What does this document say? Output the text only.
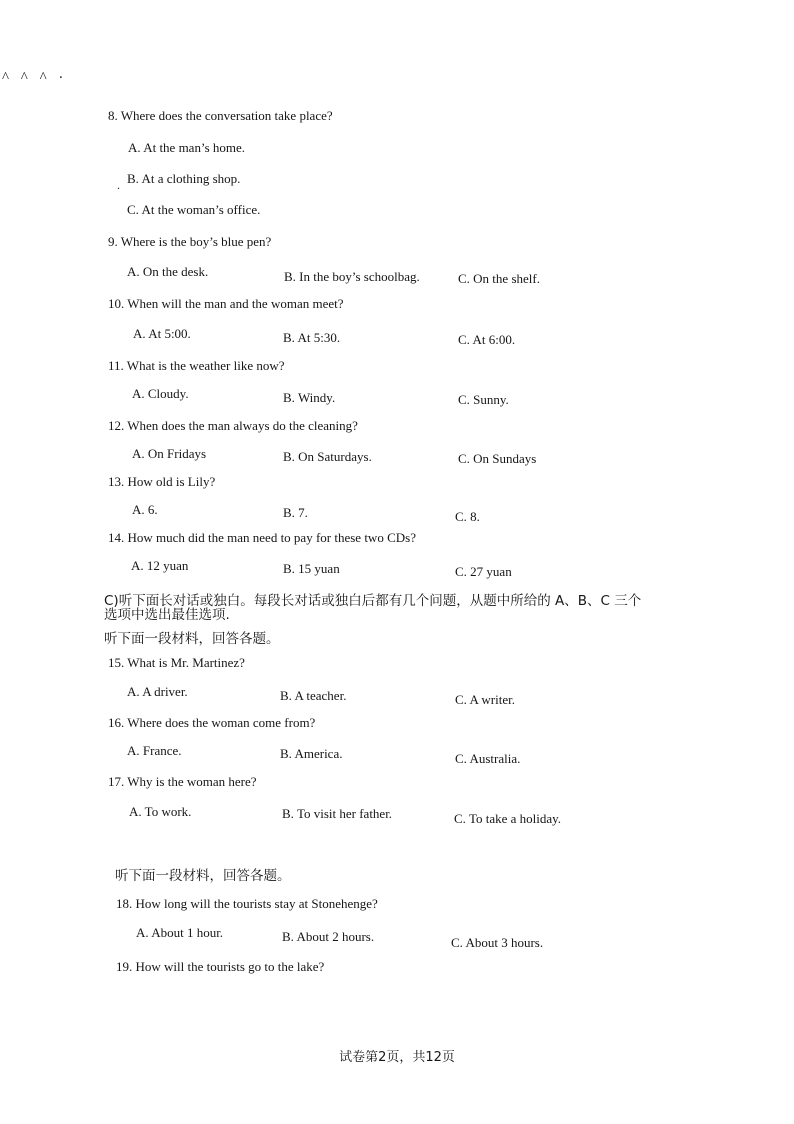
^ ^ ^ ·
.
8. Where does the conversation take place?
A. At the man’s home.
B. At a clothing shop.
C. At the woman’s office.
9. Where is the boy’s blue pen?
A. On the desk.	B. In the boy’s schoolbag.	C. On the shelf.
10. When will the man and the woman meet?
A. At 5:00.	B. At 5:30.	C. At 6:00.
11. What is the weather like now?
A. Cloudy.	B. Windy.	C. Sunny.
12. When does the man always do the cleaning?
A. On Fridays	B. On Saturdays.	C. On Sundays
13. How old is Lily?
A. 6.	B. 7.	C. 8.
14. How much did the man need to pay for these two CDs?
A. 12 yuan	B. 15 yuan	C. 27 yuan
C)听下面长对话或独白。每段长对话或独白后都有几个问题，从题中所给的 A、B、C 三个
选项中选出最佳选项.
听下面一段材料，回答各题。
15. What is Mr. Martinez?
A. A driver.	B. A teacher.	C. A writer.
16. Where does the woman come from?
A. France.	B. America.	C. Australia.
17. Why is the woman here?
A. To work.	B. To visit her father.	C. To take a holiday.
听下面一段材料，回答各题。
18. How long will the tourists stay at Stonehenge?
A. About 1 hour.	B. About 2 hours.	C. About 3 hours.
19. How will the tourists go to the lake?
试卷第2页，共12页
